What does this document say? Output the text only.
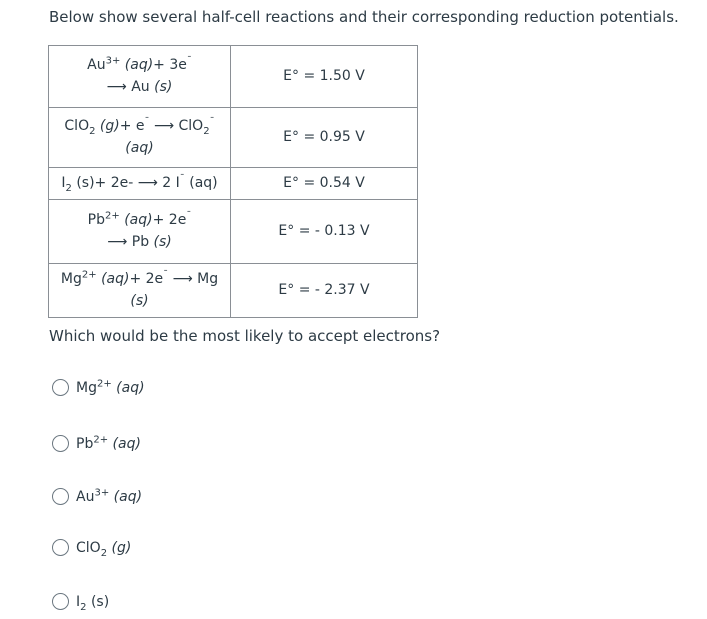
Below show several half-cell reactions and their corresponding reduction potentials.
$Au^{3+}$ (aq)+ 3e¯
⟶ Au (s)	E° = 1.50 V
ClO$_2$ (g)+ e¯ ⟶ ClO$_2$¯
(aq)	E° = 0.95 V
$I_2$ (s)+ 2e- ⟶ 2 I¯ (aq)	E° = 0.54 V
$Pb^{2+}$ (aq)+ 2e¯
⟶ Pb (s)	E° = - 0.13 V
$Mg^{2+}$ (aq)+ 2e¯ ⟶ Mg
(s)	E° = - 2.37 V
Which would be the most likely to accept electrons?
$Mg^{2+}$ (aq)
$Pb^{2+}$ (aq)
$Au^{3+}$ (aq)
ClO$_2$ (g)
$I_2$ (s)
